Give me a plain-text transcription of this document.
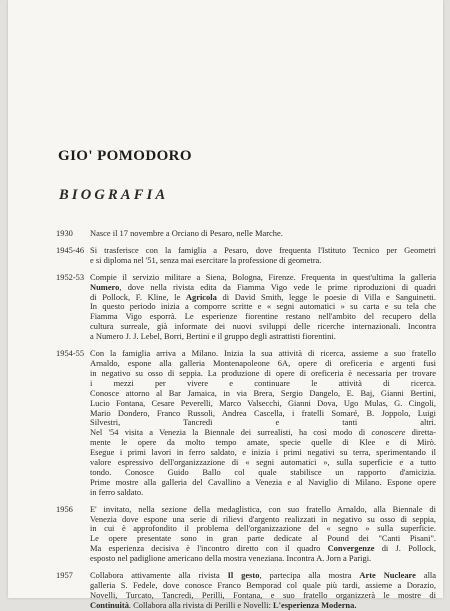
GIO' POMODORO
BIOGRAFIA
1930	Nasce il 17 novembre a Orciano di Pesaro, nelle Marche.
1945-46 Si trasferisce con la famiglia a Pesaro, dove frequenta l'Istituto Tecnico per Geometri
e si diploma nel '51, senza mai esercitare la professione di geometra.
1952-53 Compie il servizio militare a Siena, Bologna, Firenze. Frequenta in quest'ultima la galleria
Numero, dove nella rivista edita da Fiamma Vigo vede le prime riproduzioni di quadri
di Pollock, F. Kline, le Agricola di David Smith, legge le poesie di Villa e Sanguinetti.
In questo periodo inizia a comporre scritte e « segni automatici » su carta e su tela che
Fiamma Vigo esporrà. Le esperienze fiorentine restano nell'ambito del recupero della
cultura surreale, già informate dei nuovi sviluppi delle ricerche internazionali. Incontra
a Numero J. J. Lebel, Borri, Bertini e il gruppo degli astrattisti fiorentini.
1954-55 Con la famiglia arriva a Milano. Inizia la sua attività di ricerca, assieme a suo fratello
Arnaldo, espone alla galleria Montenapoleone 6A, opere di oreficeria e argenti fusi
in negativo su osso di seppia. La produzione di opere di oreficeria è necessaria per trovare
i mezzi per vivere e continuare le attività di ricerca.
Conosce attorno al Bar Jamaica, in via Brera, Sergio Dangelo, E. Baj, Gianni Bertini,
Lucio Fontana, Cesare Peverelli, Marco Valsecchi, Gianni Dova, Ugo Mulas, G. Cingoli,
Mario Dondero, Franco Russoli, Andrea Cascella, i fratelli Somaré, B. Joppolo, Luigi
Silvestri, Tancredi e tanti altri.
Nel '54 visita a Venezia la Biennale dei surrealisti, ha così modo di conoscere diretta-
mente le opere da molto tempo amate, specie quelle di Klee e di Mirò.
Esegue i primi lavori in ferro saldato, e inizia i primi negativi su terra, sperimentando il
valore espressivo dell'organizzazione di « segni automatici », sulla superficie e a tutto
tondo. Conosce Guido Ballo col quale stabilisce un rapporto d'amicizia.
Prime mostre alla galleria del Cavallino a Venezia e al Naviglio di Milano. Espone opere
in ferro saldato.
1956	E' invitato, nella sezione della medaglistica, con suo fratello Arnaldo, alla Biennale di
Venezia dove espone una serie di rilievi d'argento realizzati in negativo su osso di seppia,
in cui è approfondito il problema dell'organizzazione del « segno » sulla superficie.
Le opere presentate sono in gran parte dedicate al Pound dei "Canti Pisani".
Ma esperienza decisiva è l'incontro diretto con il quadro Convergenze di J. Pollock,
esposto nel padiglione americano della mostra veneziana. Incontra A. Jorn a Parigi.
1957	Collabora attivamente alla rivista Il gesto, partecipa alla mostra Arte Nucleare alla
galleria S. Fedele, dove conosce Franco Bemporad col quale più tardi, assieme a Dorazio,
Novelli, Turcato, Tancredi, Perilli, Fontana, e suo fratello organizzerà le mostre di
Continuità. Collabora alla rivista di Perilli e Novelli: L'esperienza Moderna.
